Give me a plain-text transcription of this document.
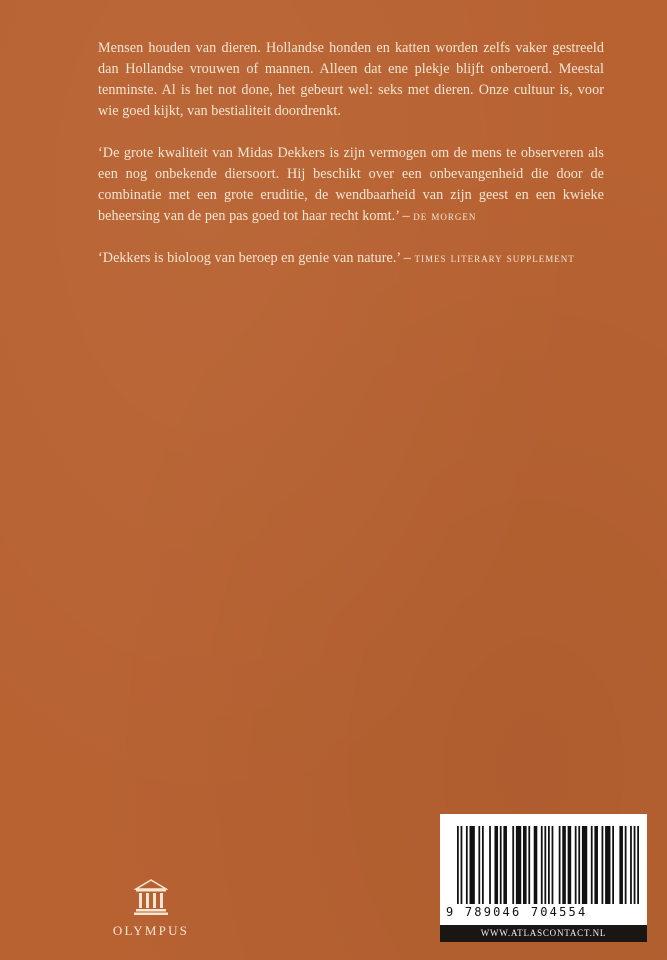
Mensen houden van dieren. Hollandse honden en katten worden zelfs vaker gestreeld dan Hollandse vrouwen of mannen. Alleen dat ene plekje blijft onberoerd. Meestal tenminste. Al is het not done, het gebeurt wel: seks met dieren. Onze cultuur is, voor wie goed kijkt, van bestialiteit doordrenkt.

‘De grote kwaliteit van Midas Dekkers is zijn vermogen om de mens te observeren als een nog onbekende diersoort. Hij beschikt over een onbevangenheid die door de combinatie met een grote eruditie, de wendbaarheid van zijn geest en een kwieke beheersing van de pen pas goed tot haar recht komt.’ – de morgen

‘Dekkers is bioloog van beroep en genie van nature.’ – times literary supplement

OLYMPUS
9 789046 704554
WWW.ATLASCONTACT.NL
